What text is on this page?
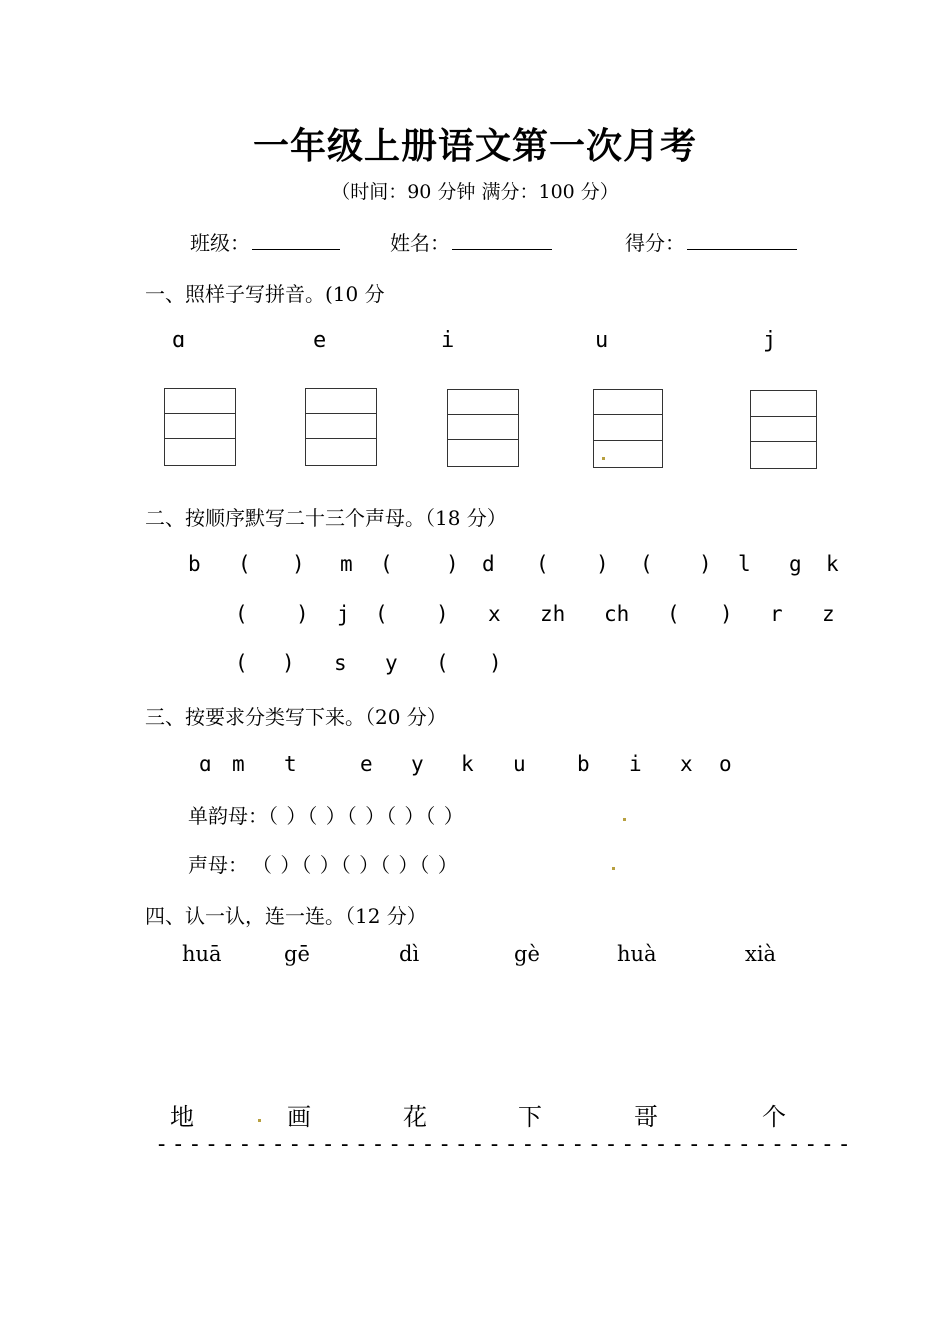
一年级上册语文第一次月考
（时间：90 分钟 满分：100 分）
班级：	姓名：	得分：
一、照样子写拼音。(10 分
ɑ	e	i	u	j
二、按顺序默写二十三个声母。（18 分）
b ( ) m (	) d ( ) ( ) l g k
( ) j ( ) x zh ch ( ) r z
( ) s y ( )
三、按要求分类写下来。（20 分）
ɑ m t	e y k u b i x o
单韵母：（ ）（ ）（ ）（ ）（ ）
声母： （ ）（ ）（ ）（ ）（ ）
四、认一认，连一连。（12 分）
huā	gē	dì	gè	huà	xià
地	画	花	下	哥	个
------------------------------------------
